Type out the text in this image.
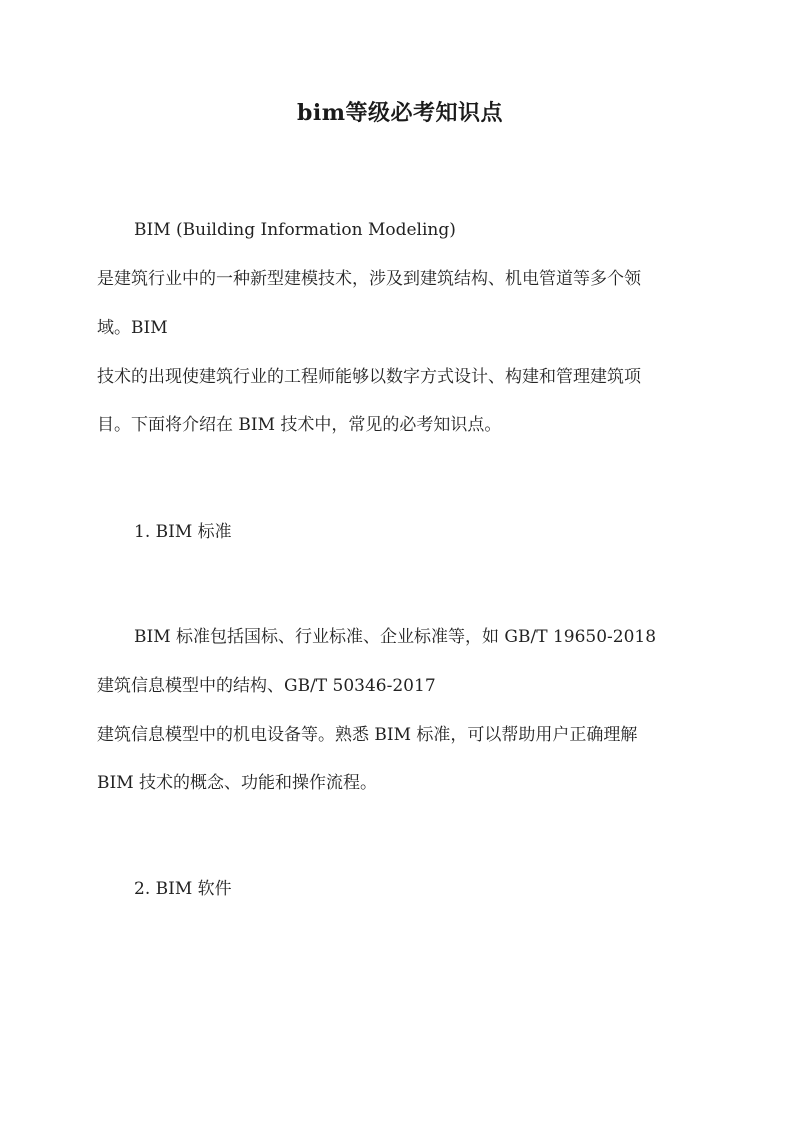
bim等级必考知识点
BIM (Building Information Modeling)
是建筑行业中的一种新型建模技术，涉及到建筑结构、机电管道等多个领
域。BIM
技术的出现使建筑行业的工程师能够以数字方式设计、构建和管理建筑项
目。下面将介绍在 BIM 技术中，常见的必考知识点。
1. BIM 标准
BIM 标准包括国标、行业标准、企业标准等，如 GB/T 19650-2018
建筑信息模型中的结构、GB/T 50346-2017
建筑信息模型中的机电设备等。熟悉 BIM 标准，可以帮助用户正确理解
BIM 技术的概念、功能和操作流程。
2. BIM 软件
